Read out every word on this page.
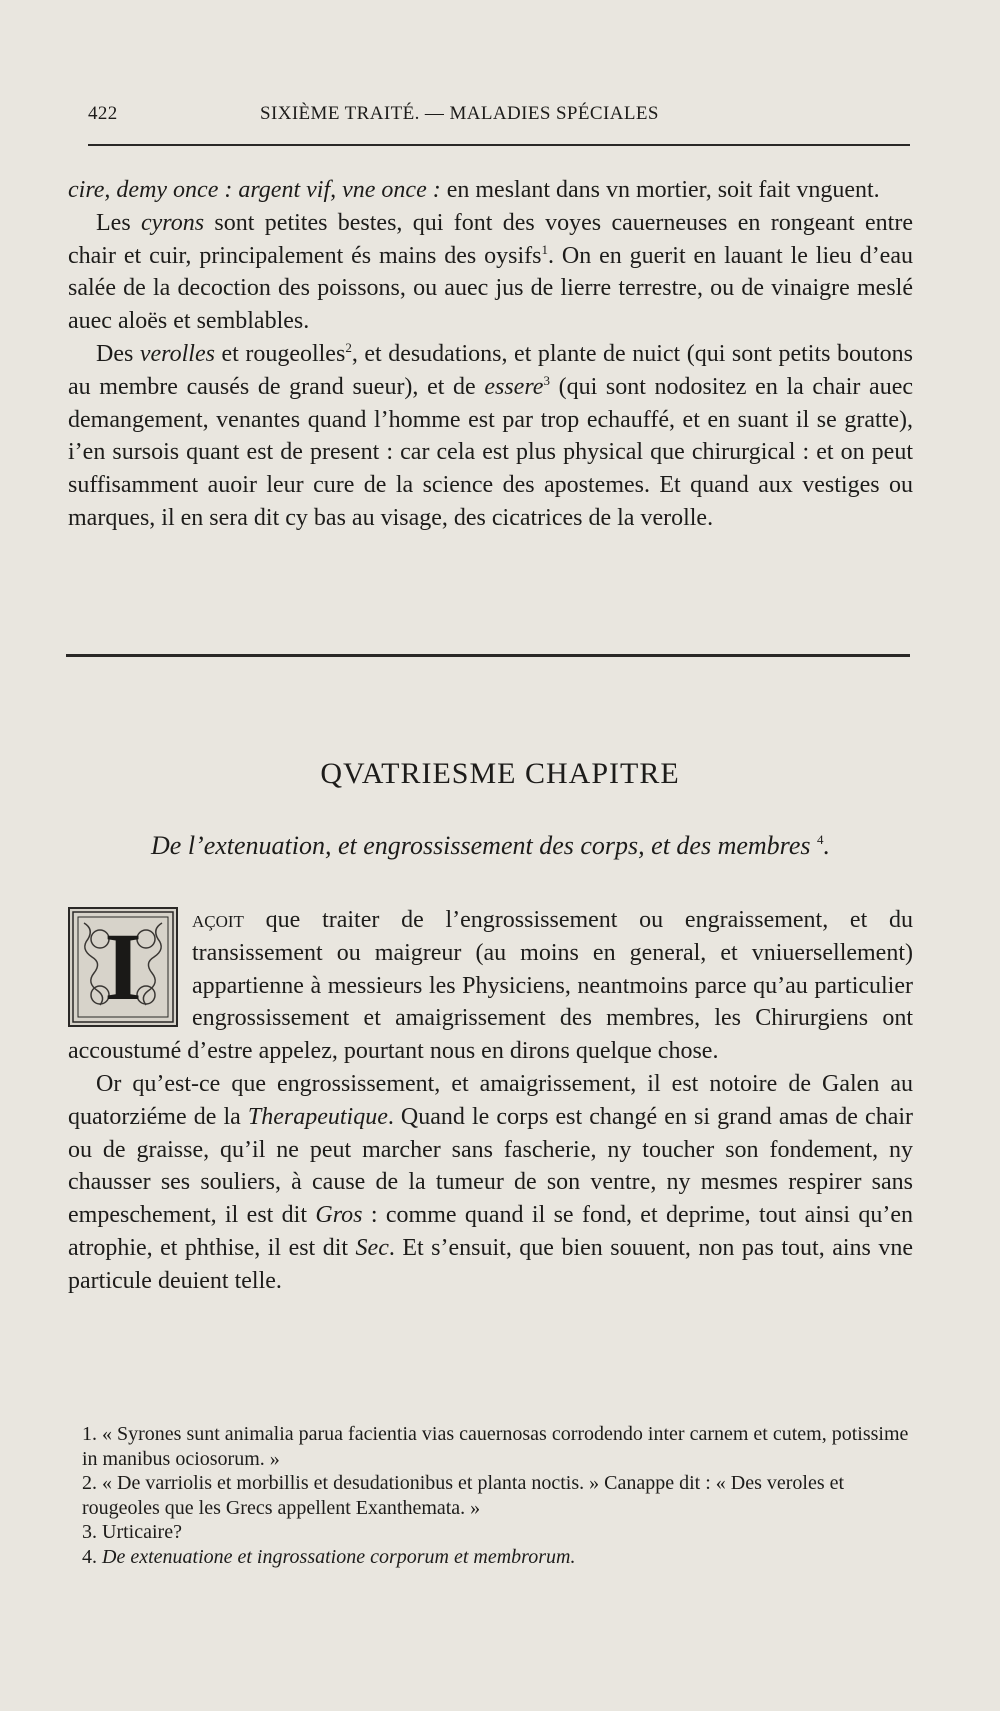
422	SIXIÈME TRAITÉ. — MALADIES SPÉCIALES

cire, demy once : argent vif, vne once : en meslant dans vn mortier, soit fait vnguent.

Les cyrons sont petites bestes, qui font des voyes cauerneuses en rongeant entre chair et cuir, principalement és mains des oysifs$^1$. On en guerit en lauant le lieu d’eau salée de la decoction des poissons, ou auec jus de lierre terrestre, ou de vinaigre meslé auec aloës et semblables.

Des verolles et rougeolles$^2$, et desudations, et plante de nuict (qui sont petits boutons au membre causés de grand sueur), et de essere$^3$ (qui sont nodositez en la chair auec demangement, venantes quand l’homme est par trop echauffé, et en suant il se gratte), i’en sursois quant est de present : car cela est plus physical que chirurgical : et on peut suffisamment auoir leur cure de la science des apostemes. Et quand aux vestiges ou marques, il en sera dit cy bas au visage, des cicatrices de la verolle.

QVATRIESME CHAPITRE
De l’extenuation, et engrossissement des corps, et des membres $^4$.

I açoit que traiter de l’engrossissement ou engraissement, et du transissement ou maigreur (au moins en general, et vniuersellement) appartienne à messieurs les Physiciens, neantmoins parce qu’au particulier engrossissement et amaigrissement des membres, les Chirurgiens ont accoustumé d’estre appelez, pourtant nous en dirons quelque chose.

Or qu’est-ce que engrossissement, et amaigrissement, il est notoire de Galen au quatorziéme de la Therapeutique. Quand le corps est changé en si grand amas de chair ou de graisse, qu’il ne peut marcher sans fascherie, ny toucher son fondement, ny chausser ses souliers, à cause de la tumeur de son ventre, ny mesmes respirer sans empeschement, il est dit Gros : comme quand il se fond, et deprime, tout ainsi qu’en atrophie, et phthise, il est dit Sec. Et s’ensuit, que bien souuent, non pas tout, ains vne particule deuient telle.

1. « Syrones sunt animalia parua facientia vias cauernosas corrodendo inter carnem et cutem, potissime in manibus ociosorum. »

2. « De varriolis et morbillis et desudationibus et planta noctis. » Canappe dit : « Des veroles et rougeoles que les Grecs appellent Exanthemata. »

3. Urticaire?

4. De extenuatione et ingrossatione corporum et membrorum.
